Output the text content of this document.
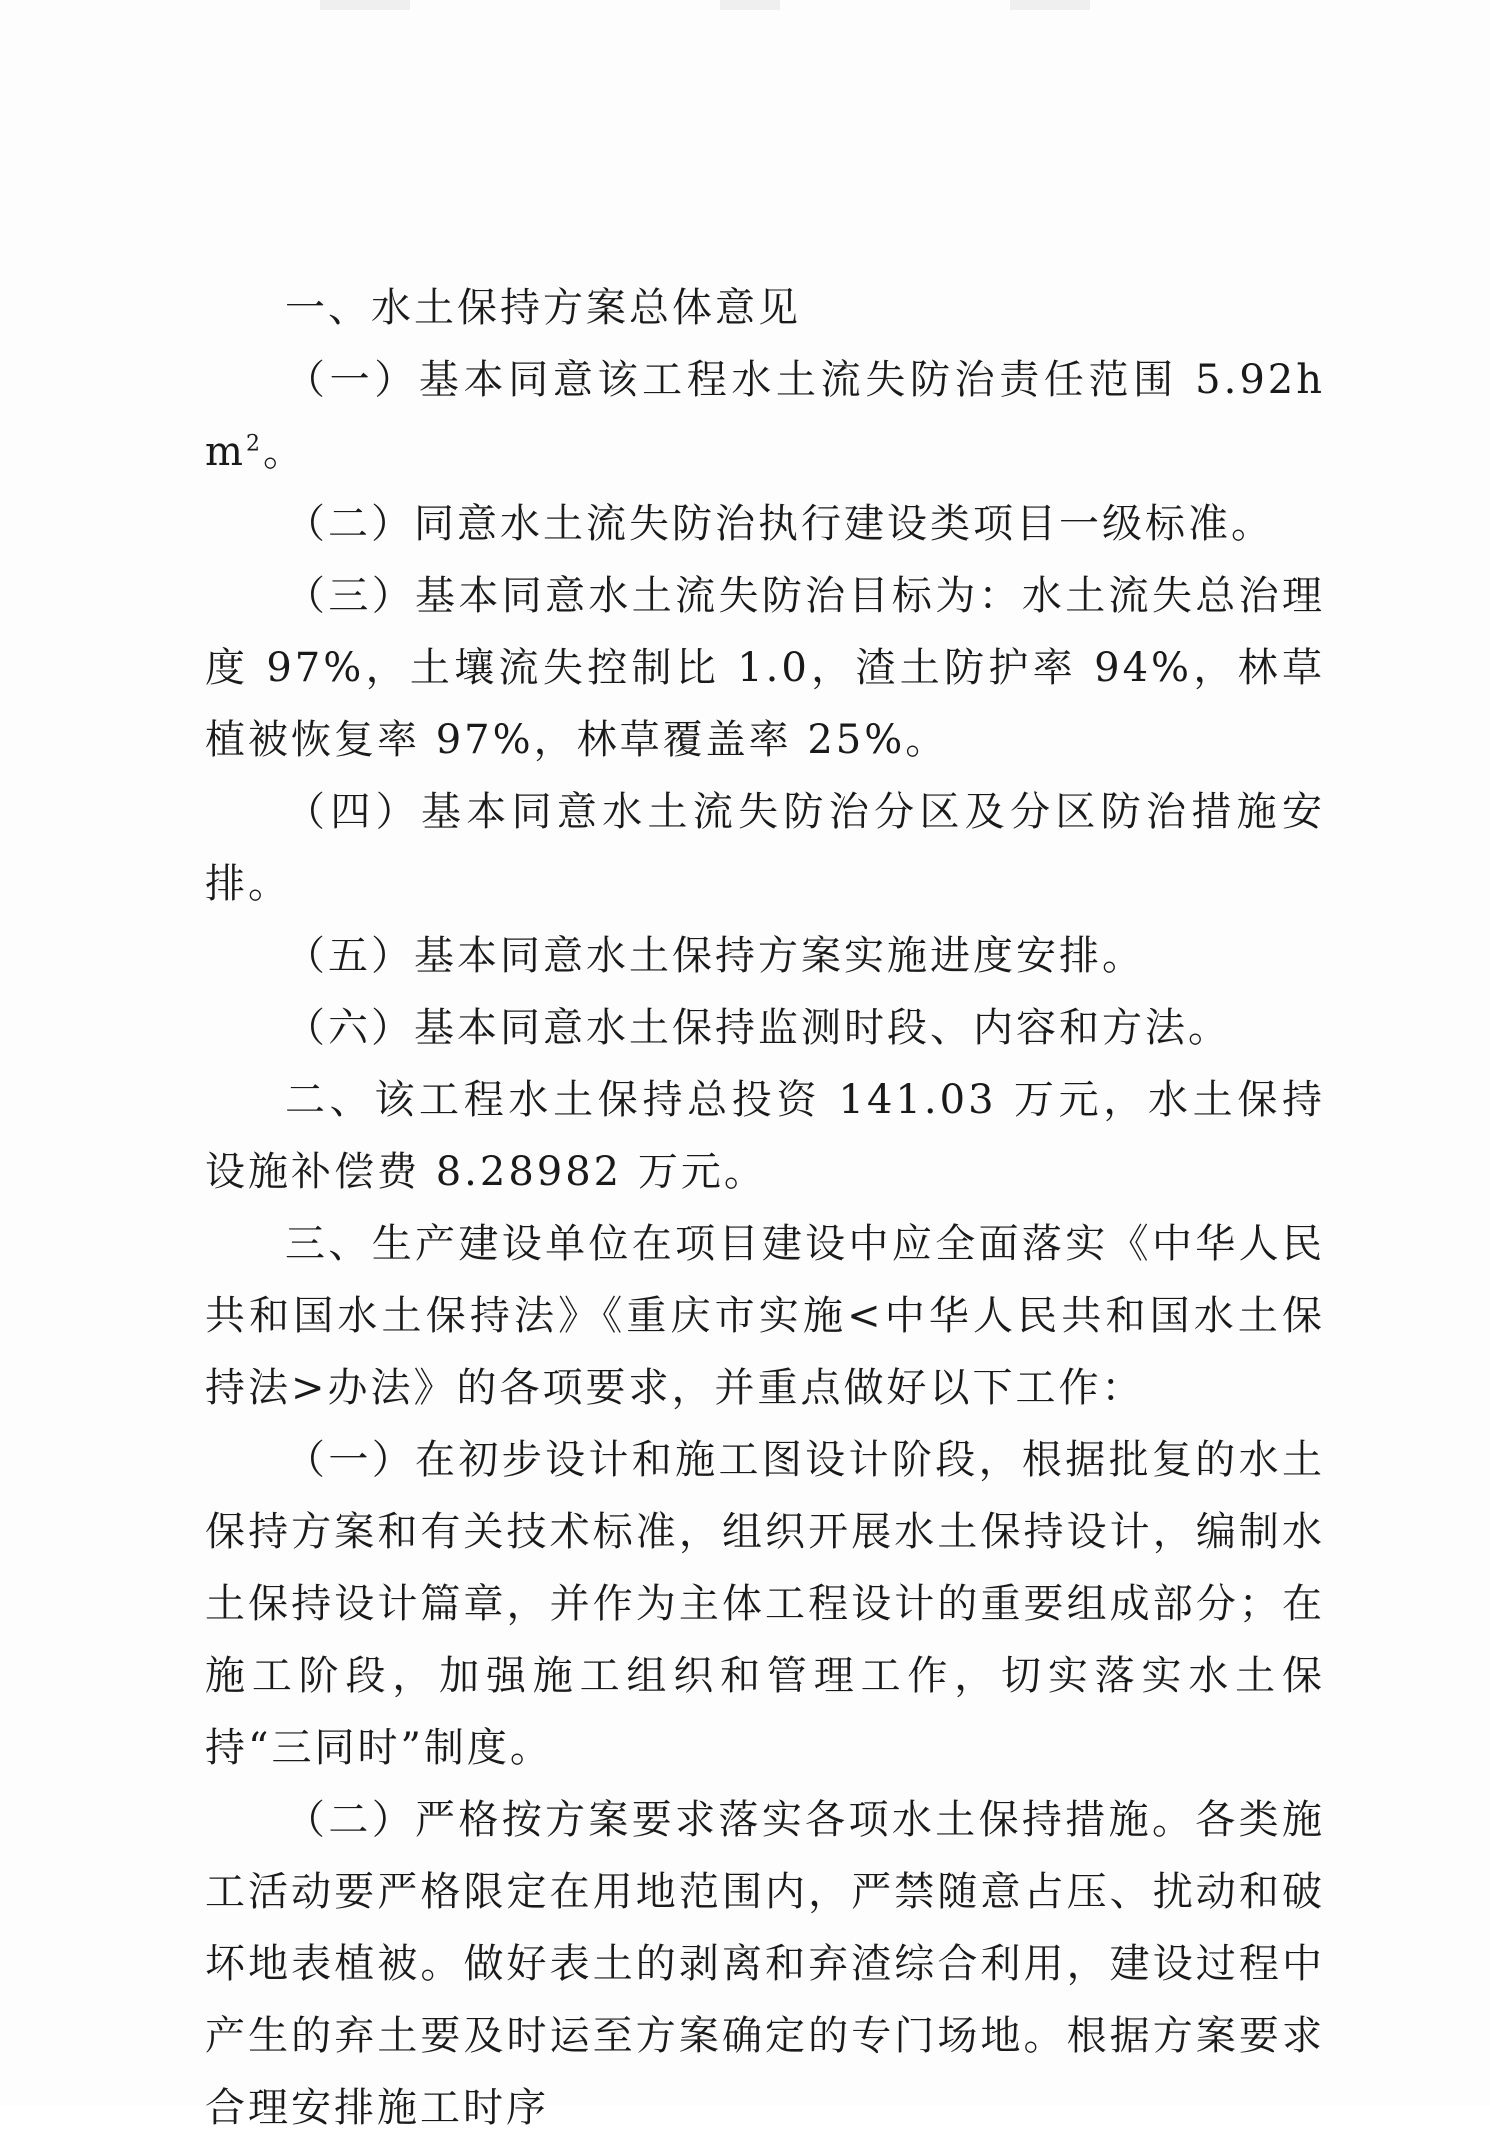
一、水土保持方案总体意见

（一）基本同意该工程水土流失防治责任范围 $5.92hm^2$。

（二）同意水土流失防治执行建设类项目一级标准。

（三）基本同意水土流失防治目标为：水土流失总治理度 97%，土壤流失控制比 1.0，渣土防护率 94%，林草植被恢复率 97%，林草覆盖率 25%。

（四）基本同意水土流失防治分区及分区防治措施安排。

（五）基本同意水土保持方案实施进度安排。

（六）基本同意水土保持监测时段、内容和方法。

二、该工程水土保持总投资 141.03 万元，水土保持设施补偿费 8.28982 万元。

三、生产建设单位在项目建设中应全面落实《中华人民共和国水土保持法》《重庆市实施<中华人民共和国水土保持法>办法》的各项要求，并重点做好以下工作：

（一）在初步设计和施工图设计阶段，根据批复的水土保持方案和有关技术标准，组织开展水土保持设计，编制水土保持设计篇章，并作为主体工程设计的重要组成部分；在施工阶段，加强施工组织和管理工作，切实落实水土保持“三同时”制度。

（二）严格按方案要求落实各项水土保持措施。各类施工活动要严格限定在用地范围内，严禁随意占压、扰动和破坏地表植被。做好表土的剥离和弃渣综合利用，建设过程中产生的弃土要及时运至方案确定的专门场地。根据方案要求合理安排施工时序
